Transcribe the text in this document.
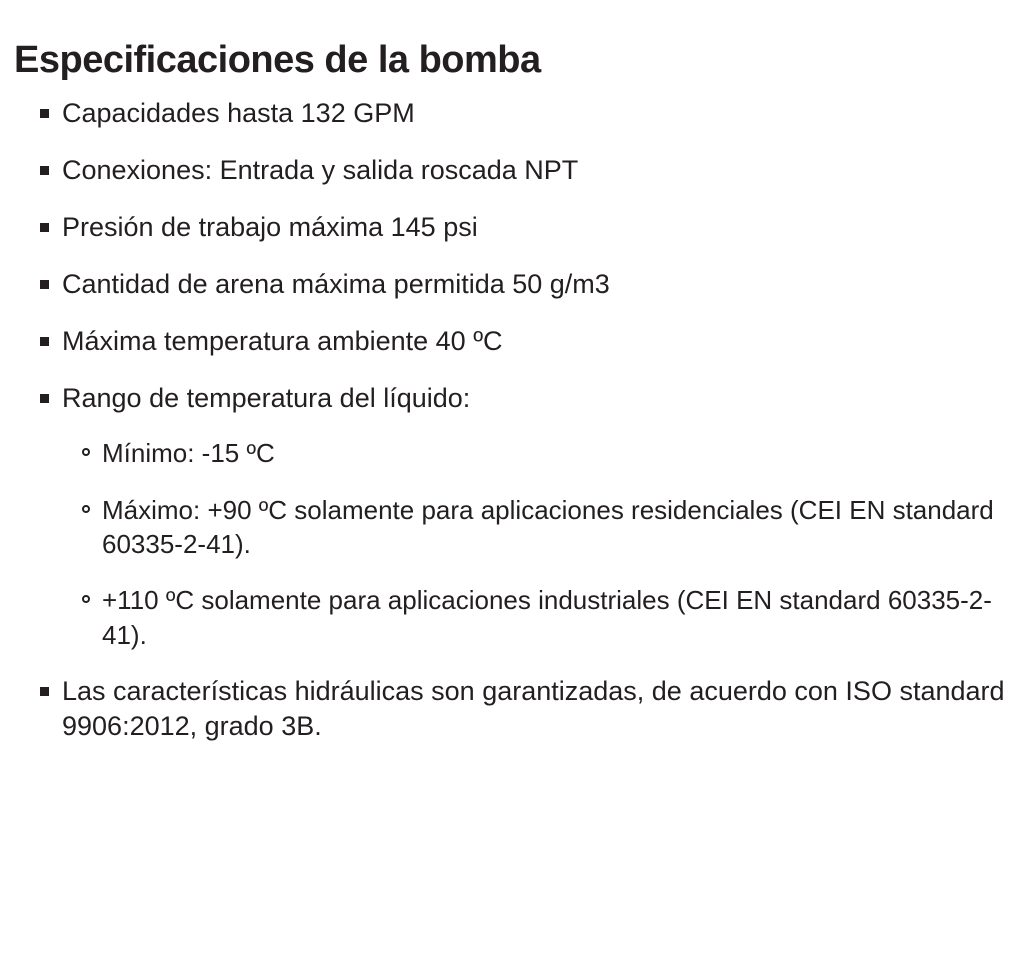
Especificaciones de la bomba
Capacidades hasta 132 GPM
Conexiones: Entrada y salida roscada NPT
Presión de trabajo máxima 145 psi
Cantidad de arena máxima permitida 50 g/m3
Máxima temperatura ambiente 40 ºC
Rango de temperatura del líquido:
Mínimo: -15 ºC
Máximo: +90 ºC solamente para aplicaciones residenciales (CEI EN standard 60335-2-41).
+110 ºC solamente para aplicaciones industriales (CEI EN standard 60335-2-41).
Las características hidráulicas son garantizadas, de acuerdo con ISO standard 9906:2012, grado 3B.
